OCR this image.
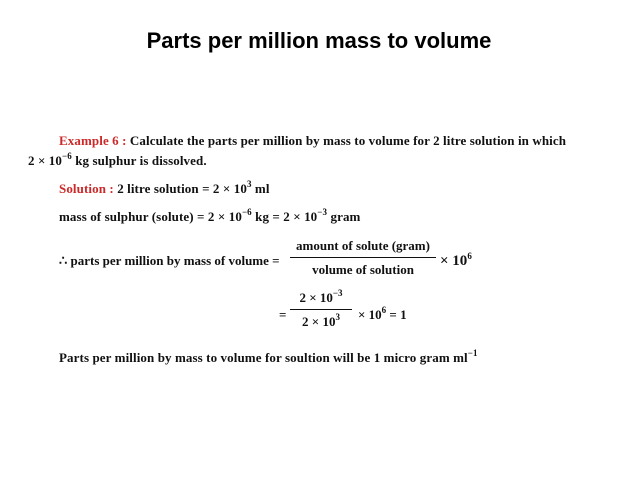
Parts per million mass to volume
Example 6 : Calculate the parts per million by mass to volume for 2 litre solution in which
$2 \times 10^{-6}$ kg sulphur is dissolved.
Solution : 2 litre solution = $2 \times 10^3$ ml
mass of sulphur (solute) = $2 \times 10^{-6}$ kg = $2 \times 10^{-3}$ gram
∴ parts per million by mass of volume =
amount of solute (gram)
volume of solution
× $10^6$
=
$2 \times 10^{-3}$
$2 \times 10^3$	× $10^6 = 1$
Parts per million by mass to volume for soultion will be 1 micro gram $ml^{-1}$
